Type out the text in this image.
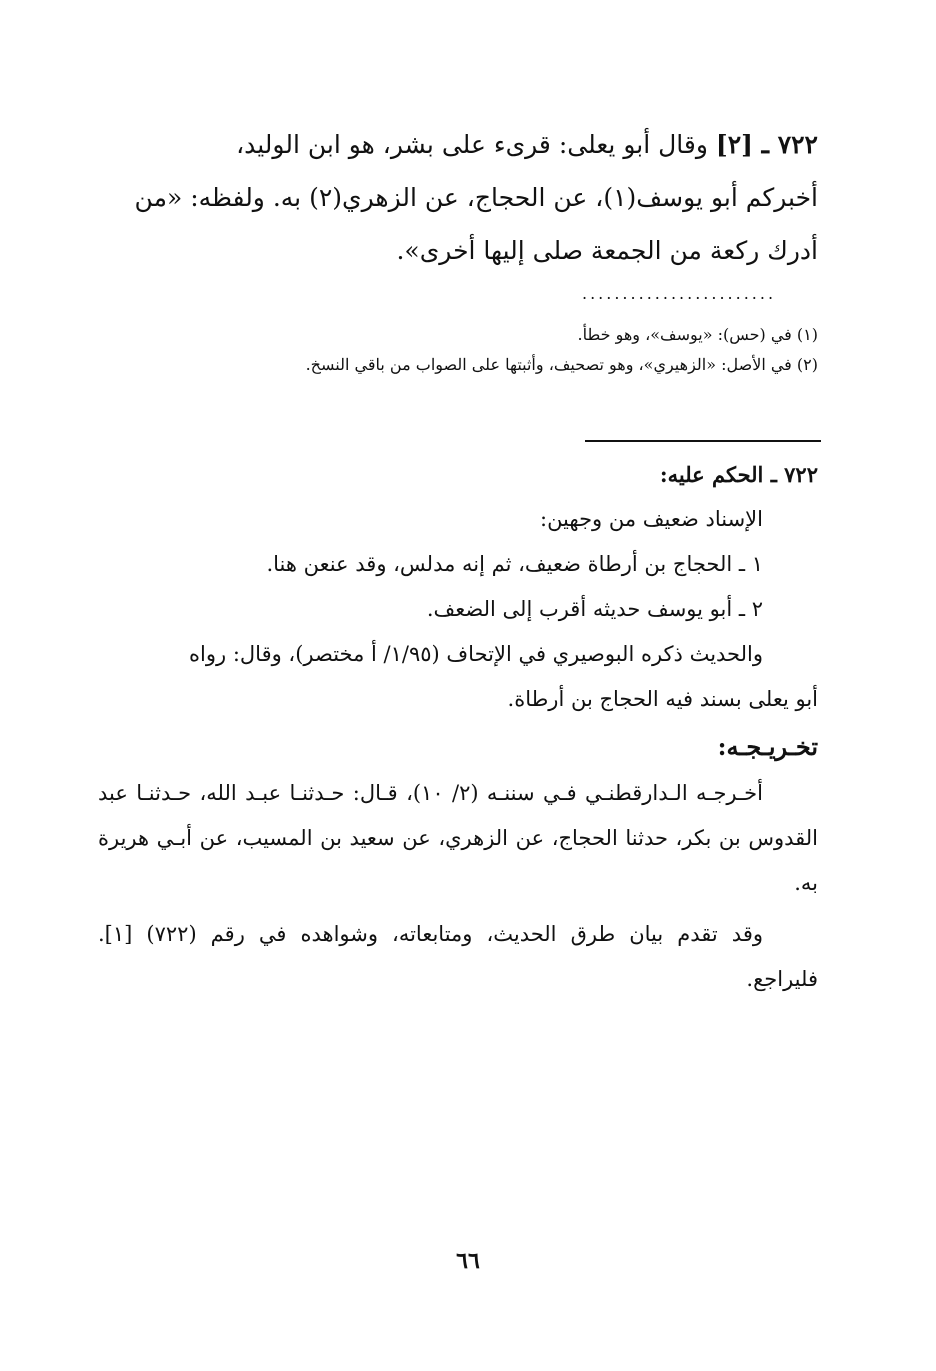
٧٢٢ ـ [٢] وقال أبو يعلى: قرىء على بشر، هو ابن الوليد،

أخبركم أبو يوسف(١)، عن الحجاج، عن الزهري(٢) به. ولفظه: «من

أدرك ركعة من الجمعة صلى إليها أخرى».

........................
(١) في (حس): «يوسف»، وهو خطأ.
(٢) في الأصل: «الزهيري»، وهو تصحيف، وأثبتها على الصواب من باقي النسخ.
٧٢٢ ـ الحكم عليه:
الإسناد ضعيف من وجهين:
١ ـ الحجاج بن أرطاة ضعيف، ثم إنه مدلس، وقد عنعن هنا.
٢ ـ أبو يوسف حديثه أقرب إلى الضعف.
والحديث ذكره البوصيري في الإتحاف (١/٩٥/ أ مختصر)، وقال: رواه
أبو يعلى بسند فيه الحجاج بن أرطاة.
تخـريـجـه:
أخـرجـه الـدارقطنـي فـي سننـه (٢/ ١٠)، قـال: حـدثنـا عبـد الله، حـدثنـا عبد القدوس بن بكر، حدثنا الحجاج، عن الزهري، عن سعيد بن المسيب، عن أبـي هريرة به.
وقد تقدم بيان طرق الحديث، ومتابعاته، وشواهده في رقم (٧٢٢) [١]. فليراجع.
٦٦
